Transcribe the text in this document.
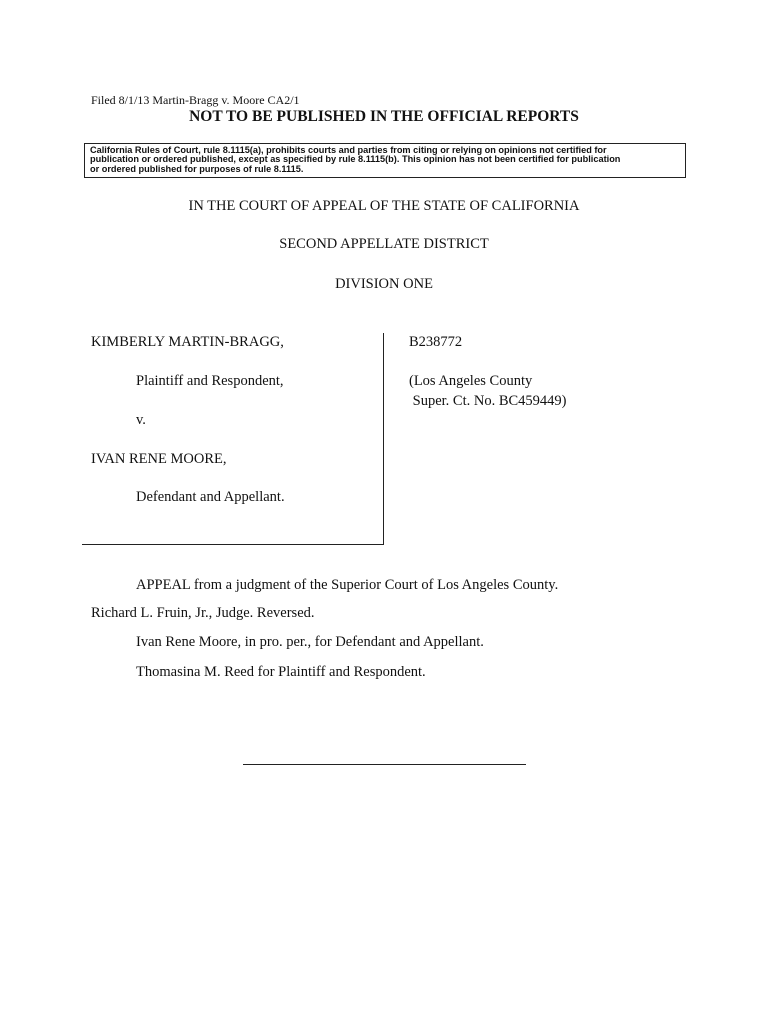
Filed 8/1/13 Martin-Bragg v. Moore CA2/1
NOT TO BE PUBLISHED IN THE OFFICIAL REPORTS
California Rules of Court, rule 8.1115(a), prohibits courts and parties from citing or relying on opinions not certified for
publication or ordered published, except as specified by rule 8.1115(b). This opinion has not been certified for publication
or ordered published for purposes of rule 8.1115.
IN THE COURT OF APPEAL OF THE STATE OF CALIFORNIA
SECOND APPELLATE DISTRICT
DIVISION ONE
KIMBERLY MARTIN-BRAGG,
Plaintiff and Respondent,
v.
IVAN RENE MOORE,
Defendant and Appellant.
B238772
(Los Angeles County
Super. Ct. No. BC459449)
APPEAL from a judgment of the Superior Court of Los Angeles County.
Richard L. Fruin, Jr., Judge. Reversed.
Ivan Rene Moore, in pro. per., for Defendant and Appellant.
Thomasina M. Reed for Plaintiff and Respondent.
